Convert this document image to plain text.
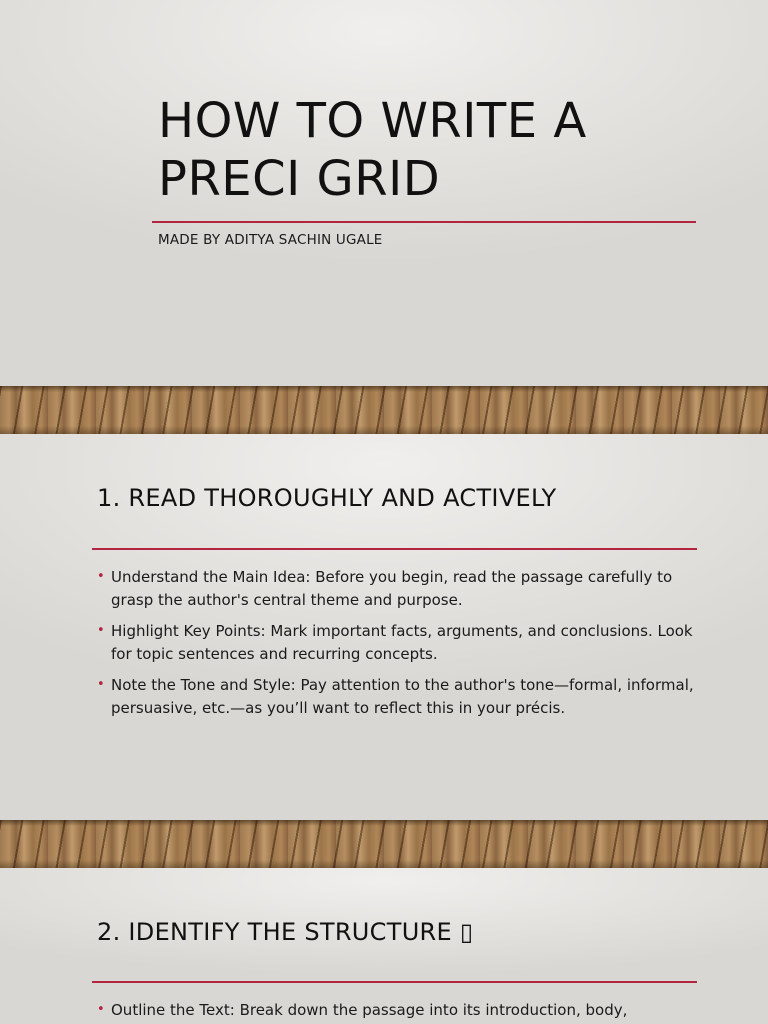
HOW TO WRITE A
PRECI GRID

MADE BY ADITYA SACHIN UGALE

1. READ THOROUGHLY AND ACTIVELY
• Understand the Main Idea: Before you begin, read the passage carefully to grasp the author's central theme and purpose.
• Highlight Key Points: Mark important facts, arguments, and conclusions. Look for topic sentences and recurring concepts.
• Note the Tone and Style: Pay attention to the author's tone—formal, informal, persuasive, etc.—as you’ll want to reflect this in your précis.
2. IDENTIFY THE STRUCTURE ▯
• Outline the Text: Break down the passage into its introduction, body,
